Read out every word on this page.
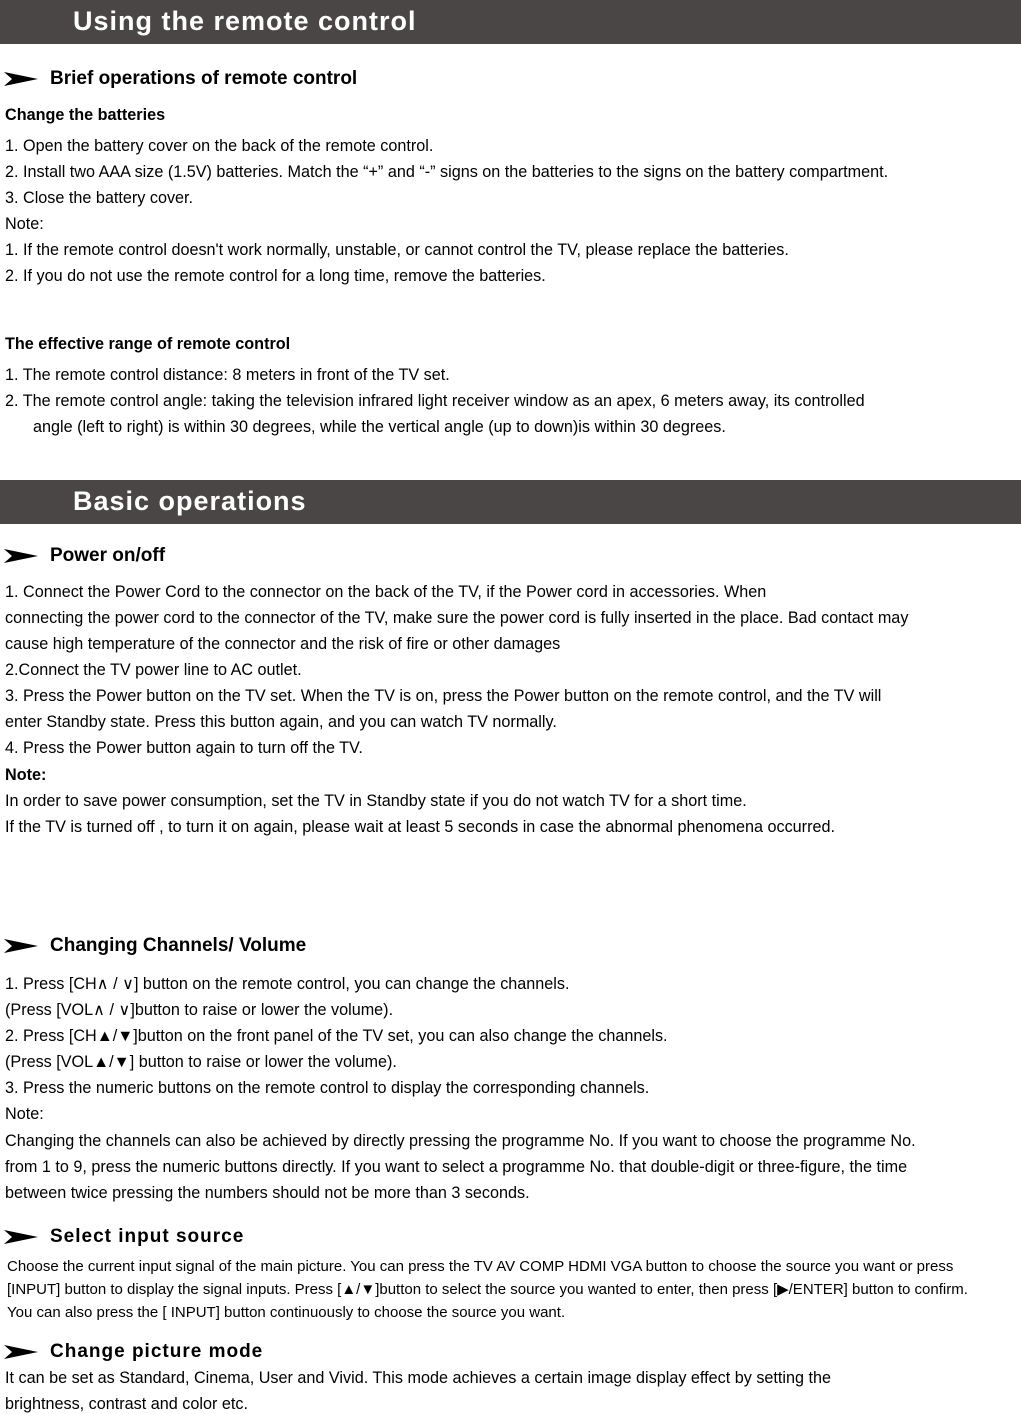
Using the remote control
Basic operations
Brief operations of remote control
Change the batteries
1. Open the battery cover on the back of the remote control.
2. Install two AAA size (1.5V) batteries. Match the “+” and “-” signs on the batteries to the signs on the battery compartment.
3. Close the battery cover.
Note:
1. If the remote control doesn't work normally, unstable, or cannot control the TV, please replace the batteries.
2. If you do not use the remote control for a long time, remove the batteries.
The effective range of remote control
1. The remote control distance: 8 meters in front of the TV set.
2. The remote control angle: taking the television infrared light receiver window as an apex, 6 meters away, its controlled
angle (left to right) is within 30 degrees, while the vertical angle (up to down)is within 30 degrees.
Power on/off
1. Connect the Power Cord to the connector on the back of the TV, if the Power cord in accessories. When
connecting the power cord to the connector of the TV, make sure the power cord is fully inserted in the place. Bad contact may
cause high temperature of the connector and the risk of fire or other damages
2.Connect the TV power line to AC outlet.
3. Press the Power button on the TV set. When the TV is on, press the Power button on the remote control, and the TV will
enter Standby state. Press this button again, and you can watch TV normally.
4. Press the Power button again to turn off the TV.
Note:
In order to save power consumption, set the TV in Standby state if you do not watch TV for a short time.
If the TV is turned off , to turn it on again, please wait at least 5 seconds in case the abnormal phenomena occurred.
Changing Channels/ Volume
1. Press [CH∧ / ∨] button on the remote control, you can change the channels.
(Press [VOL∧ / ∨]button to raise or lower the volume).
2. Press [CH▲/▼]button on the front panel of the TV set, you can also change the channels.
(Press [VOL▲/▼] button to raise or lower the volume).
3. Press the numeric buttons on the remote control to display the corresponding channels.
Note:
Changing the channels can also be achieved by directly pressing the programme No. If you want to choose the programme No.
from 1 to 9, press the numeric buttons directly. If you want to select a programme No. that double-digit or three-figure, the time
between twice pressing the numbers should not be more than 3 seconds.
Select input source
Choose the current input signal of the main picture. You can press the TV AV COMP HDMI VGA button to choose the source you want or press
[INPUT] button to display the signal inputs. Press [▲/▼]button to select the source you wanted to enter, then press [▶/ENTER] button to confirm.
You can also press the [ INPUT] button continuously to choose the source you want.
Change picture mode
It can be set as Standard, Cinema, User and Vivid. This mode achieves a certain image display effect by setting the
brightness, contrast and color etc.
